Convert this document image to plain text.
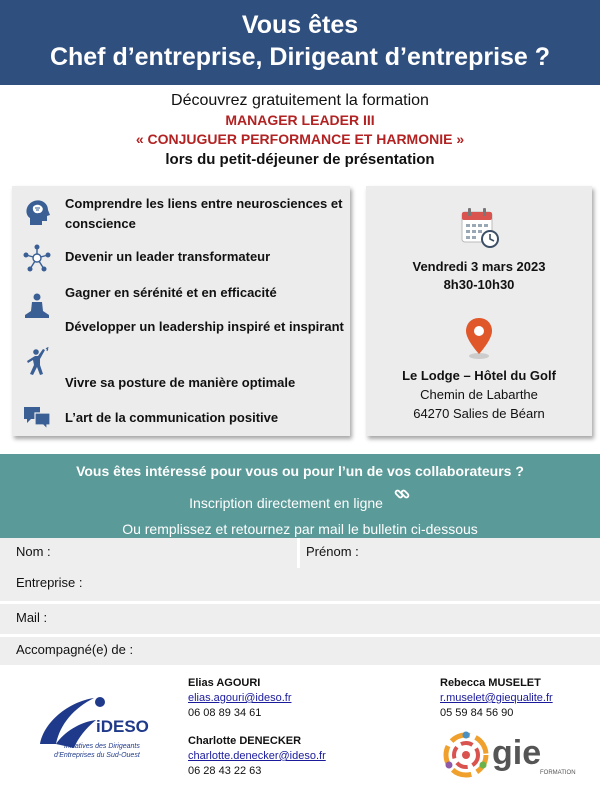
Vous êtes
Chef d’entreprise, Dirigeant d’entreprise ?
Découvrez gratuitement la formation
MANAGER LEADER III
« CONJUGUER PERFORMANCE ET HARMONIE »
lors du petit-déjeuner de présentation
Comprendre les liens entre neurosciences et conscience
Devenir un leader transformateur
Gagner en sérénité et en efficacité
Développer un leadership inspiré et inspirant
Vivre sa posture de manière optimale
L’art de la communication positive
Vendredi 3 mars 2023
8h30-10h30
Le Lodge – Hôtel du Golf
Chemin de Labarthe
64270 Salies de Béarn
Vous êtes intéressé pour vous ou pour l’un de vos collaborateurs ?
Inscription directement en ligne
Ou remplissez et retournez par mail le bulletin ci-dessous
Nom :	Prénom :
Entreprise :
Mail :
Accompagné(e) de :
iDESO
Initiatives des Dirigeants
d'Entreprises du Sud-Ouest
Elias AGOURI
elias.agouri@ideso.fr
06 08 89 34 61
Charlotte DENECKER
charlotte.denecker@ideso.fr
06 28 43 22 63
Rebecca MUSELET
r.muselet@giequalite.fr
05 59 84 56 90
gie
FORMATION
